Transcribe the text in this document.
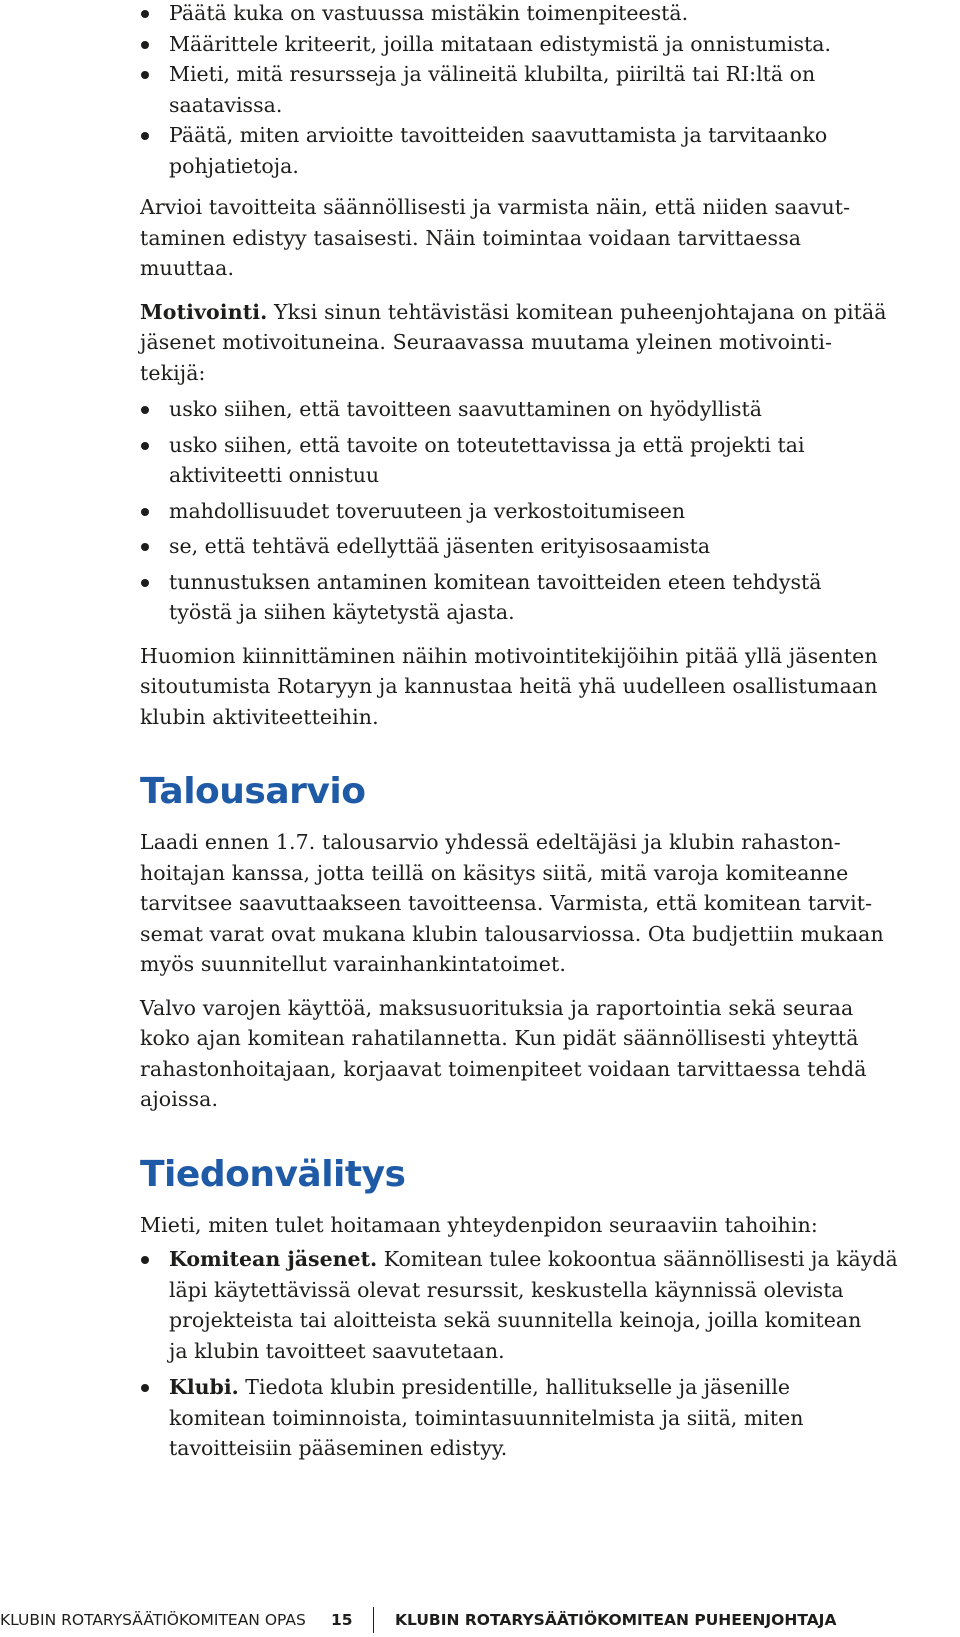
Päätä kuka on vastuussa mistäkin toimenpiteestä.
Määrittele kriteerit, joilla mitataan edistymistä ja onnistumista.
Mieti, mitä resursseja ja välineitä klubilta, piiriltä tai RI:ltä on
saatavissa.
Päätä, miten arvioitte tavoitteiden saavuttamista ja tarvitaanko
pohjatietoja.

Arvioi tavoitteita säännöllisesti ja varmista näin, että niiden saavut-
taminen edistyy tasaisesti. Näin toimintaa voidaan tarvittaessa
muuttaa.

Motivointi. Yksi sinun tehtävistäsi komitean puheenjohtajana on pitää
jäsenet motivoituneina. Seuraavassa muutama yleinen motivointi-
tekijä:

usko siihen, että tavoitteen saavuttaminen on hyödyllistä
usko siihen, että tavoite on toteutettavissa ja että projekti tai
aktiviteetti onnistuu
mahdollisuudet toveruuteen ja verkostoitumiseen
se, että tehtävä edellyttää jäsenten erityisosaamista
tunnustuksen antaminen komitean tavoitteiden eteen tehdystä
työstä ja siihen käytetystä ajasta.

Huomion kiinnittäminen näihin motivointitekijöihin pitää yllä jäsenten
sitoutumista Rotaryyn ja kannustaa heitä yhä uudelleen osallistumaan
klubin aktiviteetteihin.

Talousarvio

Laadi ennen 1.7. talousarvio yhdessä edeltäjäsi ja klubin rahaston-
hoitajan kanssa, jotta teillä on käsitys siitä, mitä varoja komiteanne
tarvitsee saavuttaakseen tavoitteensa. Varmista, että komitean tarvit-
semat varat ovat mukana klubin talousarviossa. Ota budjettiin mukaan
myös suunnitellut varainhankintatoimet.

Valvo varojen käyttöä, maksusuorituksia ja raportointia sekä seuraa
koko ajan komitean rahatilannetta. Kun pidät säännöllisesti yhteyttä
rahastonhoitajaan, korjaavat toimenpiteet voidaan tarvittaessa tehdä
ajoissa.

Tiedonvälitys

Mieti, miten tulet hoitamaan yhteydenpidon seuraaviin tahoihin:

Komitean jäsenet. Komitean tulee kokoontua säännöllisesti ja käydä
läpi käytettävissä olevat resurssit, keskustella käynnissä olevista
projekteista tai aloitteista sekä suunnitella keinoja, joilla komitean
ja klubin tavoitteet saavutetaan.
Klubi. Tiedota klubin presidentille, hallitukselle ja jäsenille
komitean toiminnoista, toimintasuunnitelmista ja siitä, miten
tavoitteisiin pääseminen edistyy.
KLUBIN ROTARYSÄÄTIÖKOMITEAN OPAS 15	KLUBIN ROTARYSÄÄTIÖKOMITEAN PUHEENJOHTAJA
